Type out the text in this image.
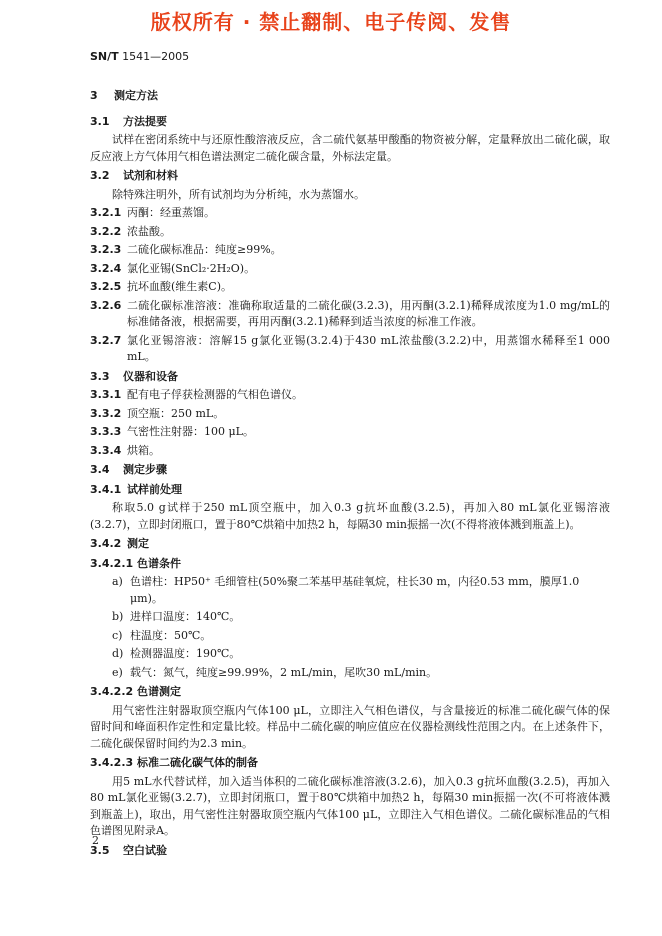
版权所有 · 禁止翻制、电子传阅、发售
SN/T 1541—2005
3 测定方法
3.1 方法提要
试样在密闭系统中与还原性酸溶液反应，含二硫代氨基甲酸酯的物资被分解，定量释放出二硫化碳，取反应液上方气体用气相色谱法测定二硫化碳含量，外标法定量。
3.2 试剂和材料
除特殊注明外，所有试剂均为分析纯，水为蒸馏水。
3.2.1 丙酮：经重蒸馏。
3.2.2 浓盐酸。
3.2.3 二硫化碳标准品：纯度≥99%。
3.2.4 氯化亚锡(SnCl₂·2H₂O)。
3.2.5 抗坏血酸(维生素C)。
3.2.6 二硫化碳标准溶液：准确称取适量的二硫化碳(3.2.3)，用丙酮(3.2.1)稀释成浓度为1.0 mg/mL的标准储备液，根据需要，再用丙酮(3.2.1)稀释到适当浓度的标准工作液。
3.2.7 氯化亚锡溶液：溶解15 g氯化亚锡(3.2.4)于430 mL浓盐酸(3.2.2)中，用蒸馏水稀释至1 000 mL。
3.3 仪器和设备
3.3.1 配有电子俘获检测器的气相色谱仪。
3.3.2 顶空瓶：250 mL。
3.3.3 气密性注射器：100 μL。
3.3.4 烘箱。
3.4 测定步骤
3.4.1 试样前处理
称取5.0 g试样于250 mL顶空瓶中，加入0.3 g抗坏血酸(3.2.5)，再加入80 mL氯化亚锡溶液(3.2.7)，立即封闭瓶口，置于80℃烘箱中加热2 h，每隔30 min振摇一次(不得将液体溅到瓶盖上)。
3.4.2 测定
3.4.2.1 色谱条件
a) 色谱柱：HP50⁺ 毛细管柱(50%聚二苯基甲基硅氧烷，柱长30 m，内径0.53 mm，膜厚1.0 μm)。
b) 进样口温度：140℃。
c) 柱温度：50℃。
d) 检测器温度：190℃。
e) 载气：氮气，纯度≥99.99%，2 mL/min，尾吹30 mL/min。
3.4.2.2 色谱测定
用气密性注射器取顶空瓶内气体100 μL，立即注入气相色谱仪，与含量接近的标准二硫化碳气体的保留时间和峰面积作定性和定量比较。样品中二硫化碳的响应值应在仪器检测线性范围之内。在上述条件下，二硫化碳保留时间约为2.3 min。
3.4.2.3 标准二硫化碳气体的制备
用5 mL水代替试样，加入适当体积的二硫化碳标准溶液(3.2.6)，加入0.3 g抗坏血酸(3.2.5)，再加入80 mL氯化亚锡(3.2.7)，立即封闭瓶口，置于80℃烘箱中加热2 h，每隔30 min振摇一次(不可将液体溅到瓶盖上)，取出，用气密性注射器取顶空瓶内气体100 μL，立即注入气相色谱仪。二硫化碳标准品的气相色谱图见附录A。
3.5 空白试验
2
